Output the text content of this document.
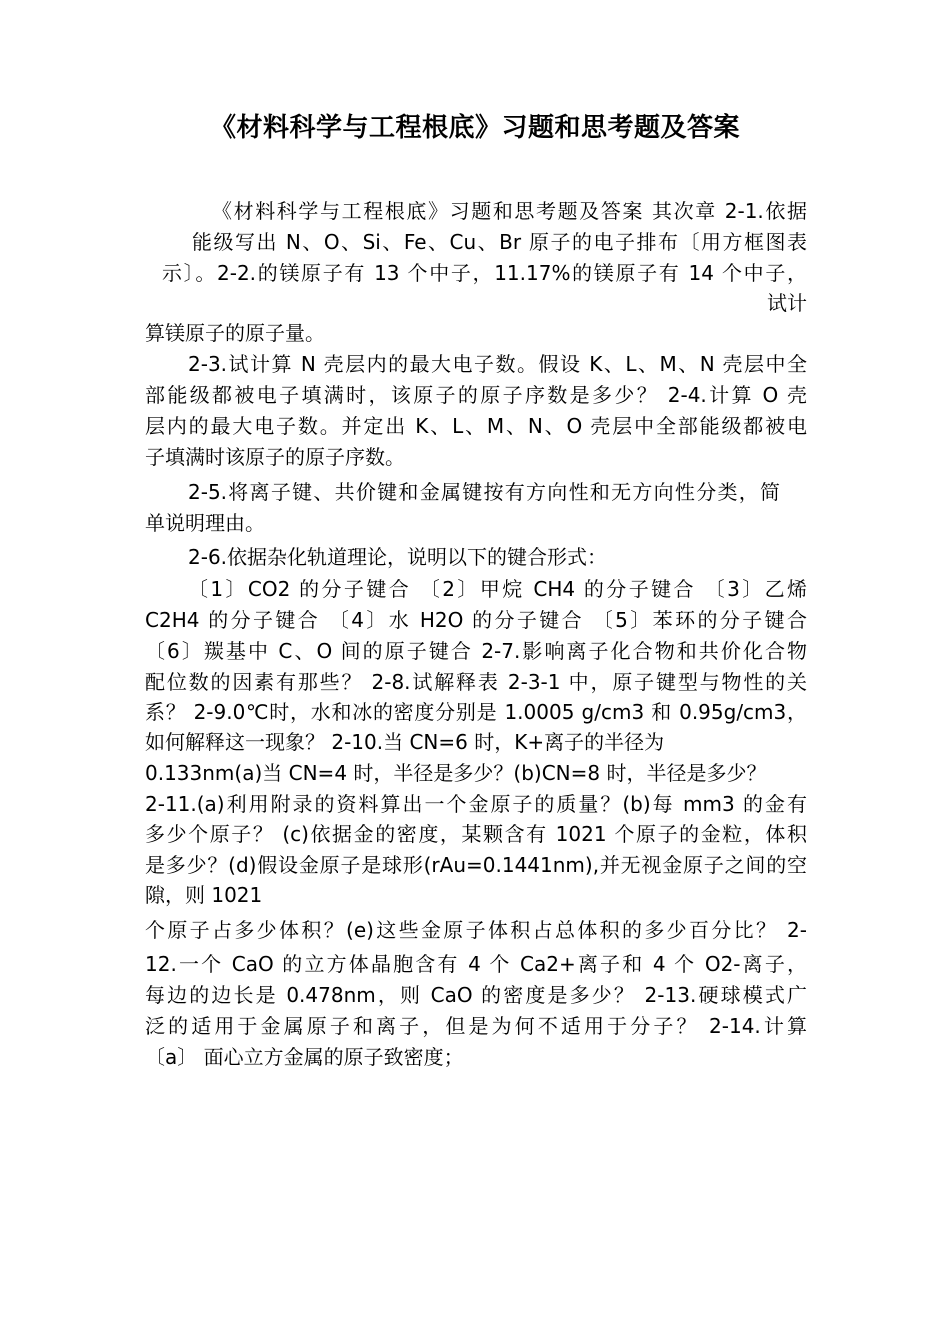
《材料科学与工程根底》习题和思考题及答案
《材料科学与工程根底》习题和思考题及答案 其次章 2-1.依据
能级写出 N、O、Si、Fe、Cu、Br 原子的电子排布〔用方框图表
示〕。2-2.的镁原子有 13 个中子，11.17%的镁原子有 14 个中子，
试计
算镁原子的原子量。
2-3.试计算 N 壳层内的最大电子数。假设 K、L、M、N 壳层中全
部能级都被电子填满时，该原子的原子序数是多少？ 2-4.计算 O 壳
层内的最大电子数。并定出 K、L、M、N、O 壳层中全部能级都被电
子填满时该原子的原子序数。
2-5.将离子键、共价键和金属键按有方向性和无方向性分类，简
单说明理由。
2-6.依据杂化轨道理论，说明以下的键合形式：
〔1〕CO2 的分子键合 〔2〕甲烷 CH4 的分子键合 〔3〕乙烯
C2H4 的分子键合 〔4〕水 H2O 的分子键合 〔5〕苯环的分子键合
〔6〕羰基中 C、O 间的原子键合 2-7.影响离子化合物和共价化合物
配位数的因素有那些？ 2-8.试解释表 2-3-1 中，原子键型与物性的关
系？ 2-9.0℃时，水和冰的密度分别是 1.0005 g/cm3 和 0.95g/cm3，
如何解释这一现象？ 2-10.当 CN=6 时，K+离子的半径为
0.133nm(a)当 CN=4 时，半径是多少？(b)CN=8 时，半径是多少？
2-11.(a)利用附录的资料算出一个金原子的质量？(b)每 mm3 的金有
多少个原子？ (c)依据金的密度，某颗含有 1021 个原子的金粒，体积
是多少？(d)假设金原子是球形(rAu=0.1441nm),并无视金原子之间的空
隙，则 1021
个原子占多少体积？(e)这些金原子体积占总体积的多少百分比？ 2-
12.一个 CaO 的立方体晶胞含有 4 个 Ca2+离子和 4 个 O2-离子，
每边的边长是 0.478nm，则 CaO 的密度是多少？ 2-13.硬球模式广
泛的适用于金属原子和离子，但是为何不适用于分子？ 2-14.计算
〔a〕 面心立方金属的原子致密度；
